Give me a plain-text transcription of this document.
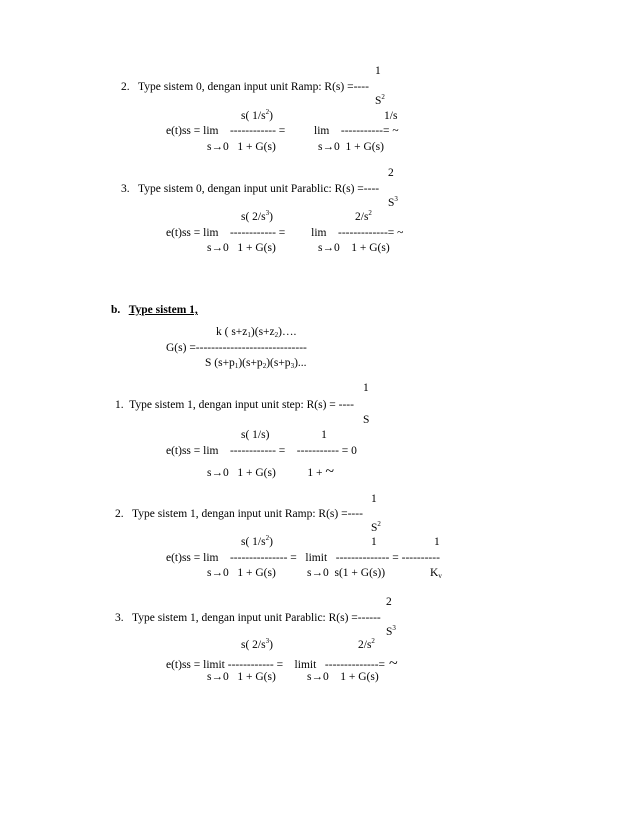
1
2.   Type sistem 0, dengan input unit Ramp: R(s) =----
$S^2$
s( $1/s^2$)	1/s
e(t)ss = lim    ------------ =          lim    -----------= ~
s→0   1 + G(s)	s→0  1 + G(s)
2
3.   Type sistem 0, dengan input unit Parablic: R(s) =----
$S^3$
s( $2/s^3$)	$2/s^2$
e(t)ss = lim    ------------ =         lim    -------------= ~
s→0   1 + G(s)	s→0    1 + G(s)
b.   Type sistem 1,
k ( $s+z_1)(s+z_2)\dots$.
G(s) =-----------------------------
S $(s+p_1)(s+p_2)(s+p_3)$...
1
1.  Type sistem 1, dengan input unit step: R(s) = ----
S
s( 1/s)                  1
e(t)ss = lim    ------------ =    ----------- = 0
s→0   1 + G(s)           1 + ~
1
2.   Type sistem 1, dengan input unit Ramp: R(s) =----
$S^2$
s( $1/s^2$)	1	1
e(t)ss = lim    --------------- =   limit   -------------- = ----------
s→0   1 + G(s)	s→0  s(1 + G(s))	$K_v$
2
3.   Type sistem 1, dengan input unit Parablic: R(s) =------
$S^3$
s( $2/s^3$)	$2/s^2$
e(t)ss = limit ------------ =    limit   --------------= ~
s→0   1 + G(s)	s→0    1 + G(s)
